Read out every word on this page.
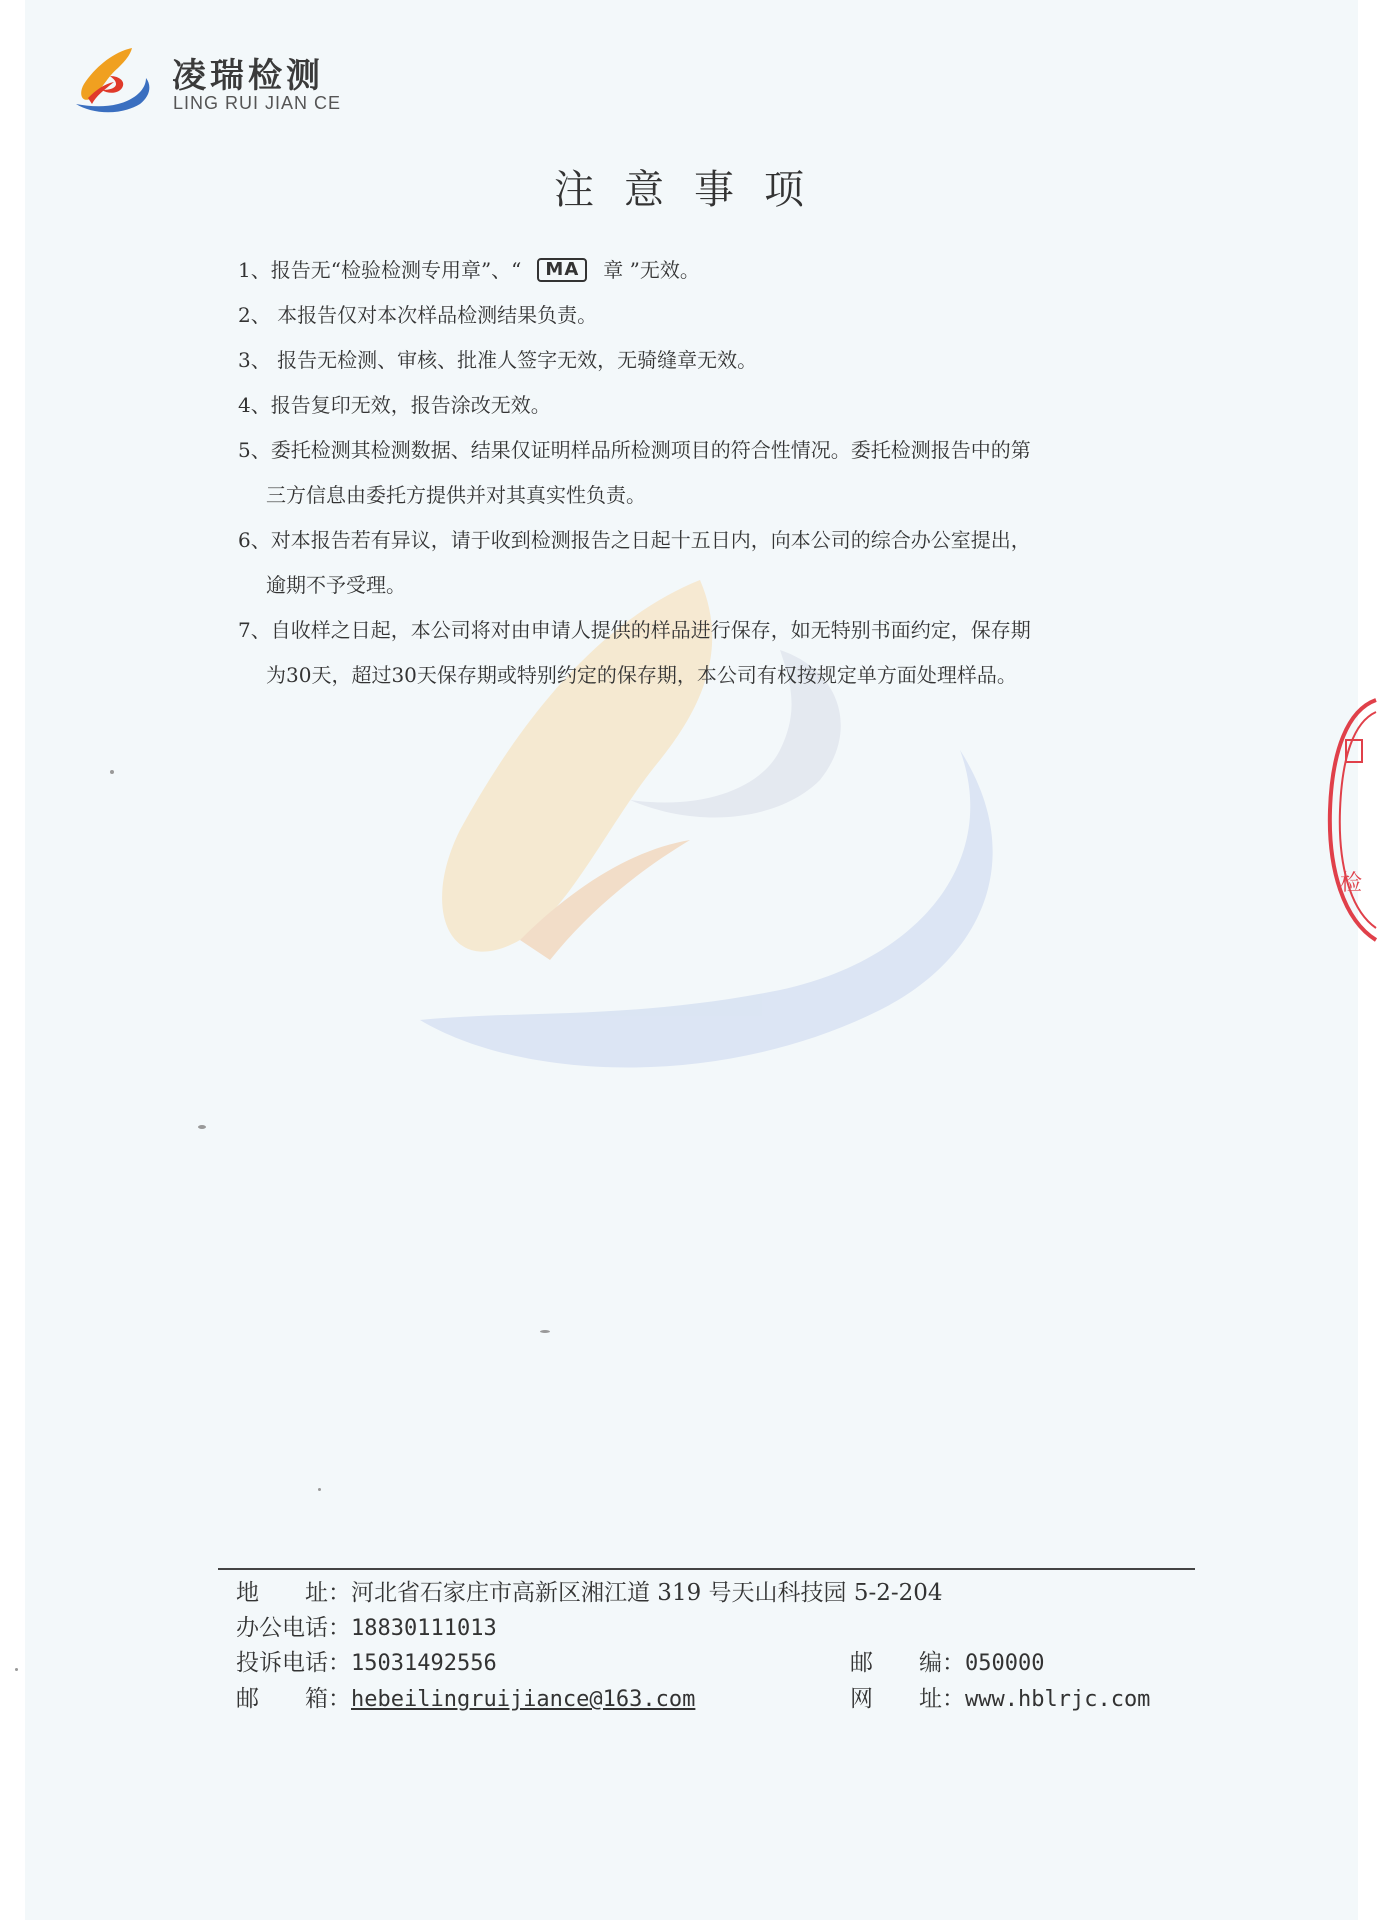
凌瑞检测
LING RUI JIAN CE
注意事项
1、报告无“检验检测专用章”、“ MA 章 ”无效。
2、 本报告仅对本次样品检测结果负责。
3、 报告无检测、审核、批准人签字无效，无骑缝章无效。
4、报告复印无效，报告涂改无效。
5、委托检测其检测数据、结果仅证明样品所检测项目的符合性情况。委托检测报告中的第
三方信息由委托方提供并对其真实性负责。
6、对本报告若有异议，请于收到检测报告之日起十五日内，向本公司的综合办公室提出，
逾期不予受理。
7、自收样之日起，本公司将对由申请人提供的样品进行保存，如无特别书面约定，保存期
为30天，超过30天保存期或特别约定的保存期，本公司有权按规定单方面处理样品。
地　　址：河北省石家庄市高新区湘江道 319 号天山科技园 5-2-204
办公电话：18830111013
投诉电话：15031492556
邮　　箱：hebeilingruijiance@163.com
邮　　编：050000
网　　址：www.hblrjc.com
检
